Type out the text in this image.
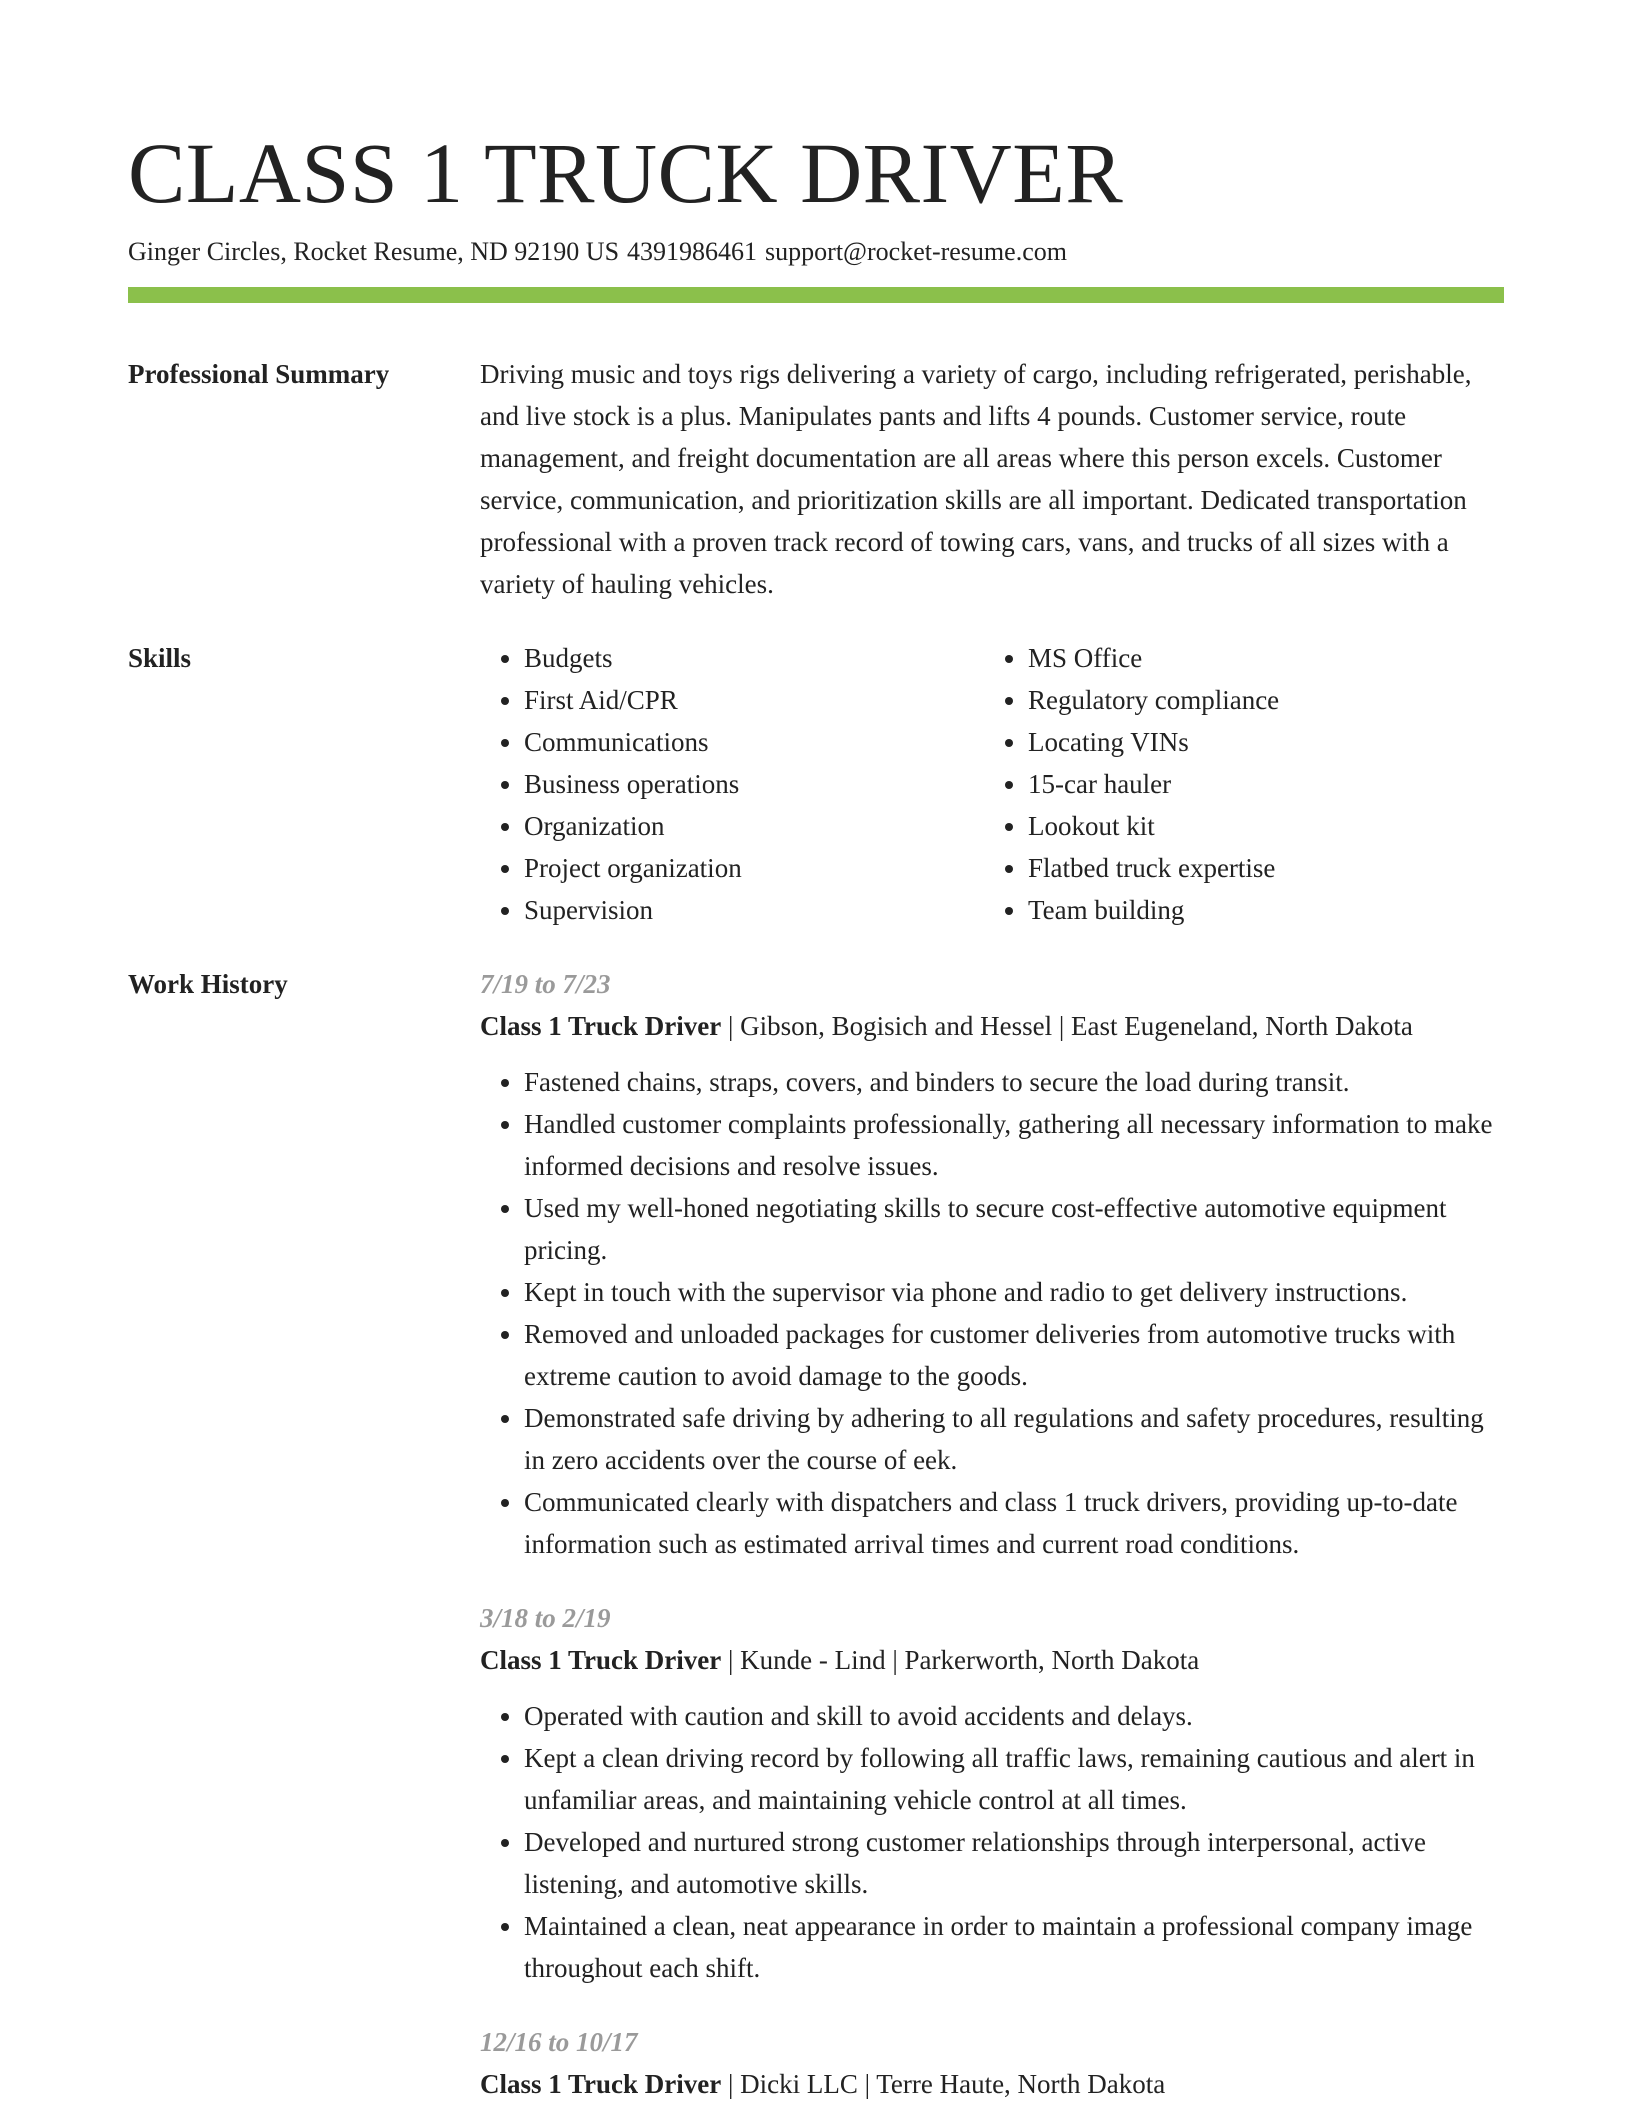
CLASS 1 TRUCK DRIVER
Ginger Circles, Rocket Resume, ND 92190 US 4391986461 support@rocket-resume.com
Professional Summary	Driving music and toys rigs delivering a variety of cargo, including refrigerated, perishable, and live stock is a plus. Manipulates pants and lifts 4 pounds. Customer service, route management, and freight documentation are all areas where this person excels. Customer service, communication, and prioritization skills are all important. Dedicated transportation professional with a proven track record of towing cars, vans, and trucks of all sizes with a variety of hauling vehicles.
Skills
•	Budgets
• First Aid/CPR
• Communications
• Business operations
• Organization
• Project organization
• Supervision
• MS Office
• Regulatory compliance
• Locating VINs
• 15-car hauler
• Lookout kit
• Flatbed truck expertise
• Team building
Work History	7/19 to 7/23
Class 1 Truck Driver | Gibson, Bogisich and Hessel | East Eugeneland, North Dakota
• Fastened chains, straps, covers, and binders to secure the load during transit.
• Handled customer complaints professionally, gathering all necessary information to make informed decisions and resolve issues.
• Used my well-honed negotiating skills to secure cost-effective automotive equipment pricing.
• Kept in touch with the supervisor via phone and radio to get delivery instructions.
• Removed and unloaded packages for customer deliveries from automotive trucks with extreme caution to avoid damage to the goods.
• Demonstrated safe driving by adhering to all regulations and safety procedures, resulting in zero accidents over the course of eek.
• Communicated clearly with dispatchers and class 1 truck drivers, providing up-to-date information such as estimated arrival times and current road conditions.
3/18 to 2/19
Class 1 Truck Driver | Kunde - Lind | Parkerworth, North Dakota
• Operated with caution and skill to avoid accidents and delays.
• Kept a clean driving record by following all traffic laws, remaining cautious and alert in unfamiliar areas, and maintaining vehicle control at all times.
• Developed and nurtured strong customer relationships through interpersonal, active listening, and automotive skills.
• Maintained a clean, neat appearance in order to maintain a professional company image throughout each shift.
12/16 to 10/17
Class 1 Truck Driver | Dicki LLC | Terre Haute, North Dakota
